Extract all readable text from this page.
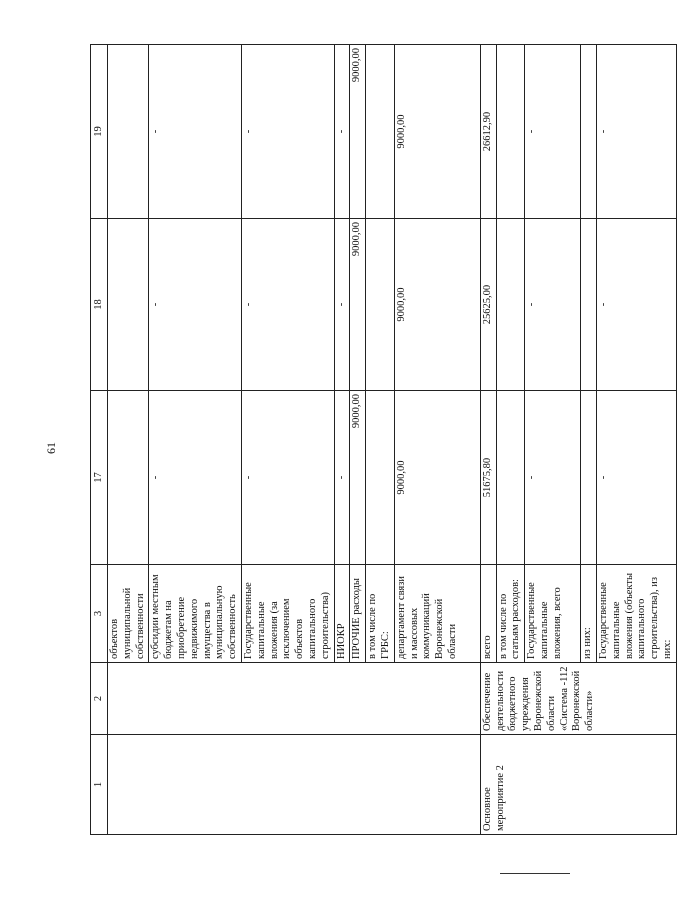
61
1	2	3	17	18	19
		объектов муниципальной собственности			
		субсидии местным бюджетам на приобретение недвижимого имущества в муниципальную собственность	-	-	-
		Государственные капитальные вложения (за исключением объектов капитального строительства)	-	-	-
		НИОКР	-	-	-
		ПРОЧИЕ расходы	9000,00	9000,00	9000,00
		в том числе по ГРБС:			
		департамент связи и массовых коммуникаций Воронежской области	9000,00	9000,00	9000,00
Основное мероприятие 2	Обеспечение деятельности бюджетного учреждения Воронежской области «Система -112 Воронежской области»	всего	51675,80	25625,00	26612,90
		в том числе по статьям расходов:			
		Государственные капитальные вложения, всего	-	-	-
		из них:			
		Государственные капитальные вложения (объекты капитального строительства), из них:	-	-	-
